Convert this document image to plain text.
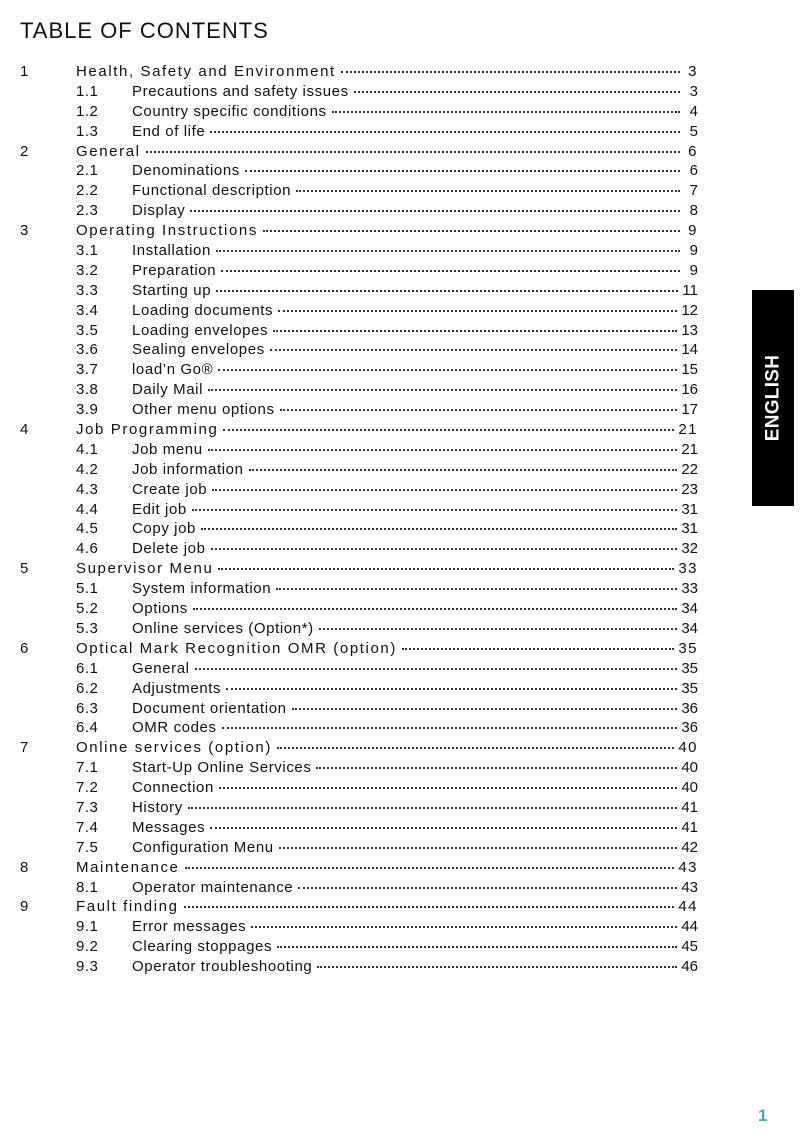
TABLE OF CONTENTS
1	Health, Safety and Environment	3
1.1	Precautions and safety issues	3
1.2	Country specific conditions	4
1.3	End of life	5
2	General	6
2.1	Denominations	6
2.2	Functional description	7
2.3	Display	8
3	Operating Instructions	9
3.1	Installation	9
3.2	Preparation	9
3.3	Starting up	11
3.4	Loading documents	12
3.5	Loading envelopes	13
3.6	Sealing envelopes	14
3.7	load’n Go®	15
3.8	Daily Mail	16
3.9	Other menu options	17
4	Job Programming	21
4.1	Job menu	21
4.2	Job information	22
4.3	Create job	23
4.4	Edit job	31
4.5	Copy job	31
4.6	Delete job	32
5	Supervisor Menu	33
5.1	System information	33
5.2	Options	34
5.3	Online services (Option*)	34
6	Optical Mark Recognition OMR (option)	35
6.1	General	35
6.2	Adjustments	35
6.3	Document orientation	36
6.4	OMR codes	36
7	Online services (option)	40
7.1	Start-Up Online Services	40
7.2	Connection	40
7.3	History	41
7.4	Messages	41
7.5	Configuration Menu	42
8	Maintenance	43
8.1	Operator maintenance	43
9	Fault finding	44
9.1	Error messages	44
9.2	Clearing stoppages	45
9.3	Operator troubleshooting	46
ENGLISH
1
